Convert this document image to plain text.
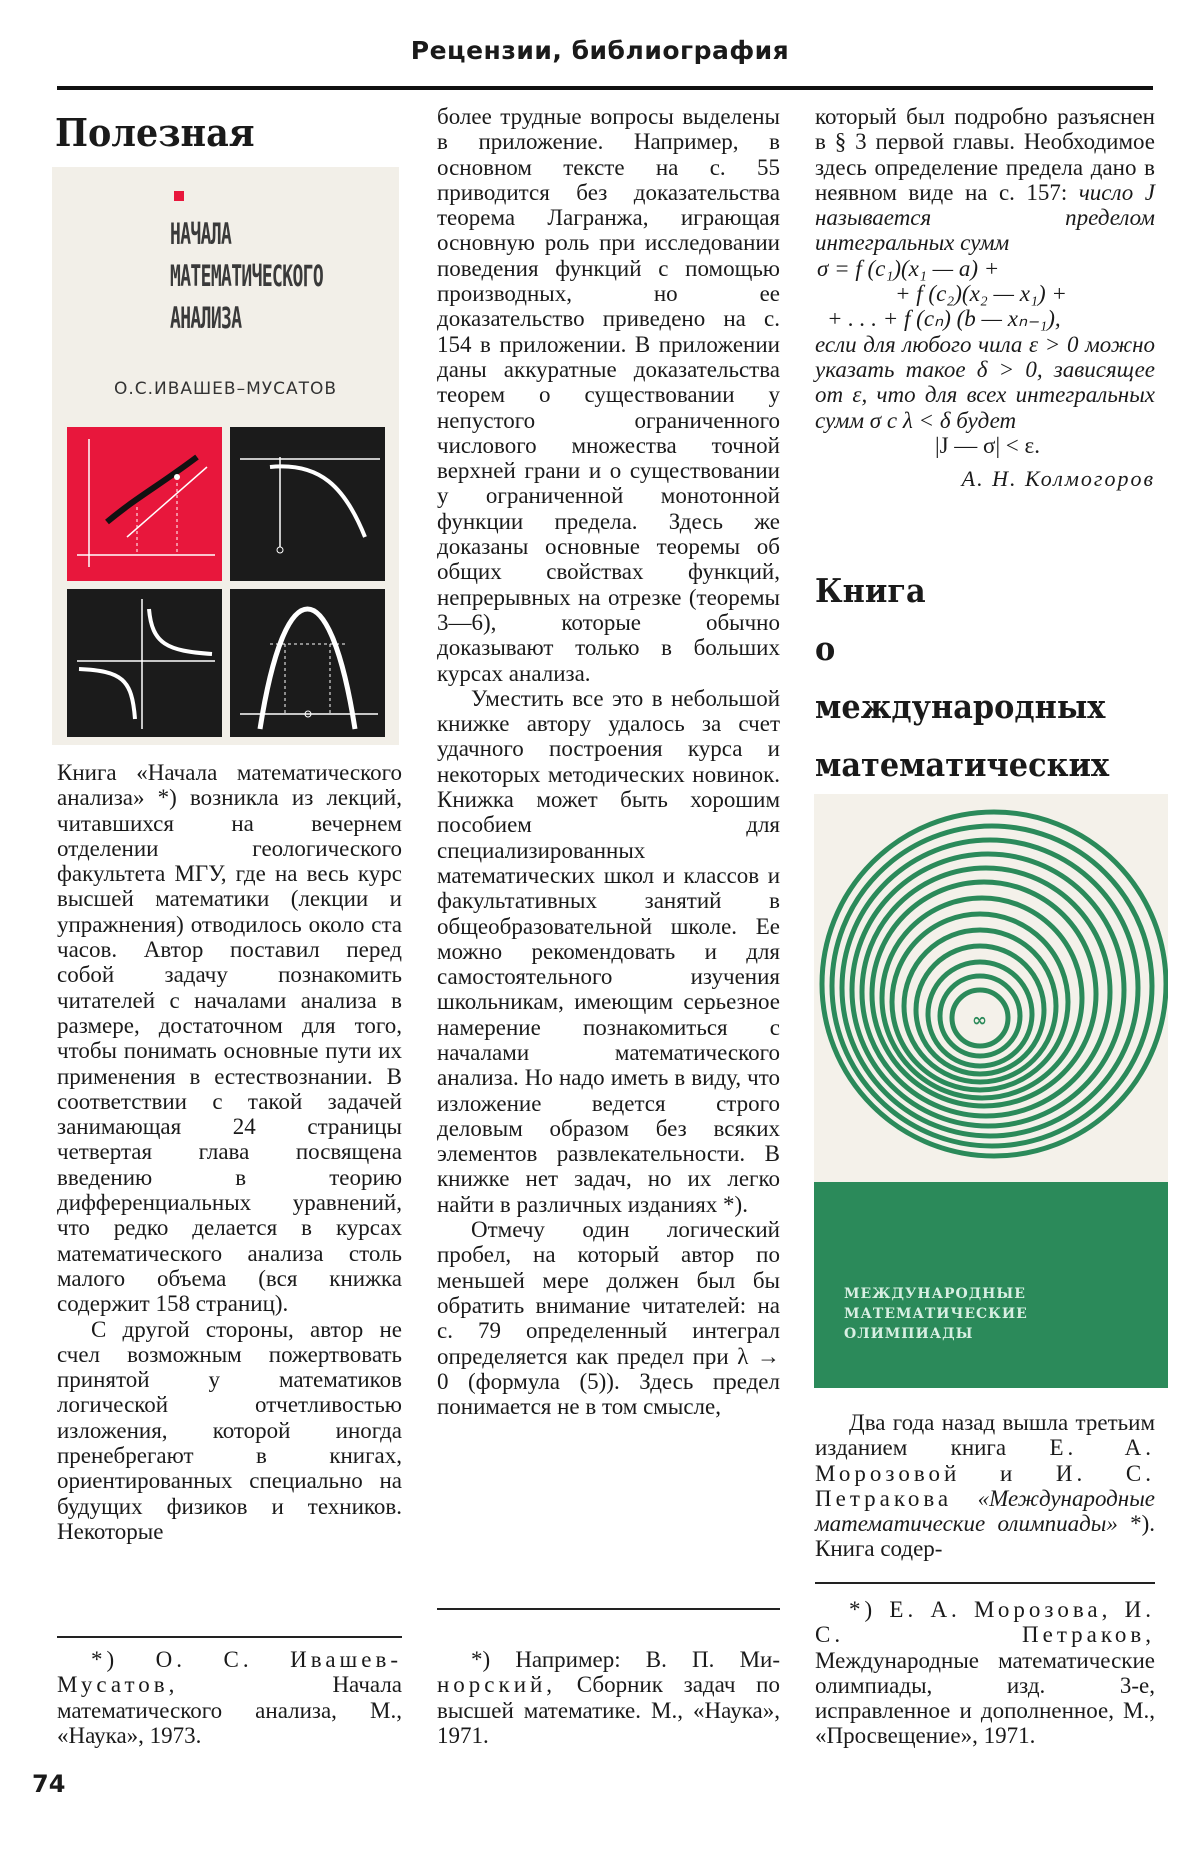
Рецензии, библиография
Полезная
НАЧАЛА
МАТЕМАТИЧЕСКОГО
АНАЛИЗА
О.С.ИВАШЕВ–МУСАТОВ

Книга «Начала математического анализа» *) возникла из лекций, читавшихся на вечернем отделении геологического факультета МГУ, где на весь курс высшей математики (лекции и упражнения) отводилось около ста часов. Автор поставил перед собой задачу познакомить читателей с началами анализа в размере, достаточном для того, чтобы понимать основные пути их применения в естествознании. В соответствии с такой задачей занимающая 24 страницы четвертая глава посвящена введению в теорию дифференциальных уравнений, что редко делается в курсах математического анализа столь малого объема (вся книжка содержит 158 страниц).

С другой стороны, автор не счел возможным пожертвовать принятой у математиков логической отчетливостью изложения, которой иногда пренебрегают в книгах, ориентированных специально на будущих физиков и техников. Некоторые

*) О. С. Ивашев-Мусатов,	Начала математического анализа, М., «Наука», 1973.

более трудные вопросы выделены в приложение. Например, в основном тексте на с. 55 приводится без доказательства теорема Лагранжа, играющая основную роль при исследовании поведения функций с помощью производных, но ее доказательство приведено на с. 154 в приложении. В приложении даны аккуратные доказательства теорем о существовании у непустого ограниченного числового множества точной верхней грани и о существовании у ограниченной монотонной функции предела. Здесь же доказаны основные теоремы об общих свойствах функций, непрерывных на отрезке (теоремы 3—6), которые обычно доказывают только в больших курсах анализа.

Уместить все это в небольшой книжке автору удалось за счет удачного построения курса и некоторых методических новинок. Книжка может быть хорошим пособием для специализированных математических школ и классов и факультативных занятий в общеобразовательной школе. Ее можно рекомендовать и для самостоятельного изучения школьникам, имеющим серьезное намерение познакомиться с началами математического анализа. Но надо иметь в виду, что изложение ведется строго деловым образом без всяких элементов развлекательности. В книжке нет задач, но их легко найти в различных изданиях *).

Отмечу один логический пробел, на который автор по меньшей мере должен был бы обратить внимание читателей: на с. 79 определенный интеграл определяется как предел при λ → 0 (формула (5)). Здесь предел понимается не в том смысле,

*) Например: В. П. Ми-норский, Сборник задач по высшей математике. М., «Наука», 1971.

который был подробно разъяснен в § 3 первой главы. Необходимое здесь определение предела дано в неявном виде на с. 157: число J называется пределом интегральных сумм

σ = f (c₁)(x₁ — a) +

+ f (c₂)(x₂ — x₁) +

+ . . . + f (cₙ) (b — xₙ₋₁),

если для любого чила ε > 0 можно указать такое δ > 0, зависящее от ε, что для всех интегральных сумм σ с λ < δ будет

|J — σ| < ε.

А. Н. Колмогоров

Книга
о международных
математических
∞
МЕЖДУНАРОДНЫЕ
МАТЕМАТИЧЕСКИЕ
ОЛИМПИАДЫ

Два года назад вышла третьим изданием книга Е. А. Морозовой и И. С. Петракова «Международные математические олимпиады» *). Книга содер-

*) Е. А. Морозова, И. С. Петраков, Международные математические олимпиады, изд. 3-е, исправленное и дополненное, М., «Просвещение», 1971.

74
